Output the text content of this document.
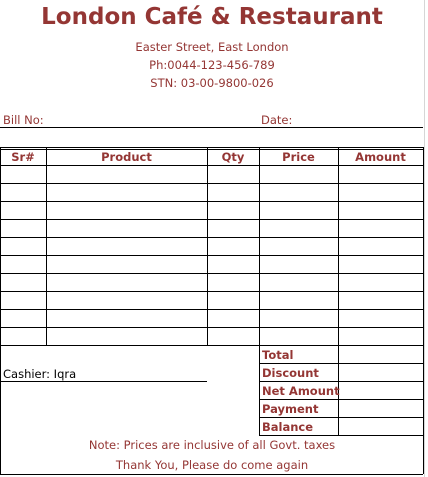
London Café & Restaurant
Easter Street, East London
Ph:0044-123-456-789
STN: 03-00-9800-026
Bill No:	Date:
Sr#	Product	Qty	Price	Amount
Total
Discount
Net Amount
Payment
Balance
Cashier: Iqra
Note: Prices are inclusive of all Govt. taxes
Thank You, Please do come again
